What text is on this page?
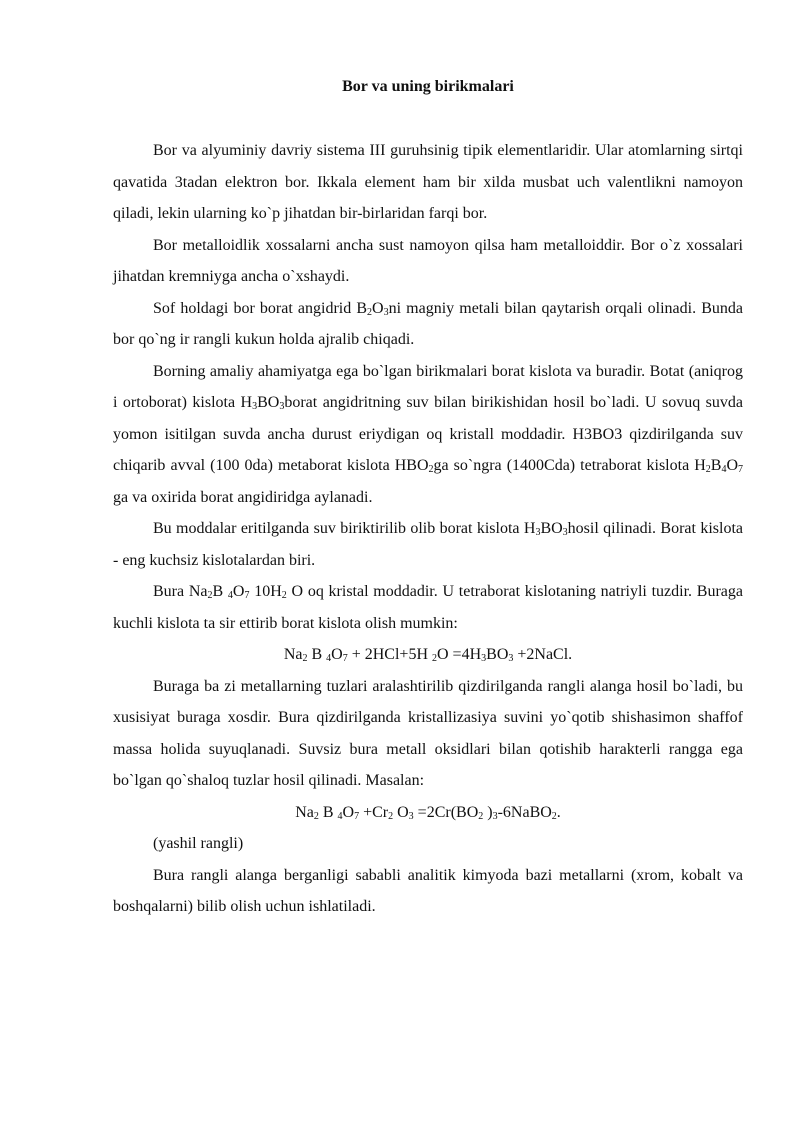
Bor va uning birikmalari

Bor va alyuminiy davriy sistema III guruhsinig tipik elementlaridir. Ular atomlarning sirtqi qavatida 3tadan elektron bor. Ikkala element ham bir xilda musbat uch valentlikni namoyon qiladi, lekin ularning ko`p jihatdan bir-birlaridan farqi bor.

Bor metalloidlik xossalarni ancha sust namoyon qilsa ham metalloiddir. Bor o`z xossalari jihatdan kremniyga ancha o`xshaydi.

Sof holdagi bor borat angidrid $B_2O_3ni$ magniy metali bilan qaytarish orqali olinadi. Bunda bor qo`ng ir rangli kukun holda ajralib chiqadi.

Borning amaliy ahamiyatga ega bo`lgan birikmalari borat kislota va buradir. Botat (aniqrog i ortoborat) kislota $H_3BO_3borat$ angidritning suv bilan birikishidan hosil bo`ladi. U sovuq suvda yomon isitilgan suvda ancha durust eriydigan oq kristall moddadir. H3BO3 qizdirilganda suv chiqarib avval (100 0da) metaborat kislota $HBO_2ga$ so`ngra (1400Cda) tetraborat kislota $H_2B_4O_7$ ga va oxirida borat angidiridga aylanadi.

Bu moddalar eritilganda suv biriktirilib olib borat kislota $H_3BO_3hosil$ qilinadi. Borat kislota - eng kuchsiz kislotalardan biri.

Bura $Na_2B$ $_4O_7$ $10H_2$ O oq kristal moddadir. U tetraborat kislotaning natriyli tuzdir. Buraga kuchli kislota ta sir ettirib borat kislota olish mumkin:

$Na_2$ B $_4O_7 + 2HCl+5H$ $_2O =4H_3BO_3$ +2NaCl.

Buraga ba zi metallarning tuzlari aralashtirilib qizdirilganda rangli alanga hosil bo`ladi, bu xusisiyat buraga xosdir. Bura qizdirilganda kristallizasiya suvini yo`qotib shishasimon shaffof massa holida suyuqlanadi. Suvsiz bura metall oksidlari bilan qotishib harakterli rangga ega bo`lgan qo`shaloq tuzlar hosil qilinadi. Masalan:

$Na_2$ B $_4O_7 +Cr_2$ $O_3 =2Cr(BO_2$ )$_3-6NaBO_2$.

(yashil rangli)

Bura rangli alanga berganligi sababli analitik kimyoda bazi metallarni (xrom, kobalt va boshqalarni) bilib olish uchun ishlatiladi.
